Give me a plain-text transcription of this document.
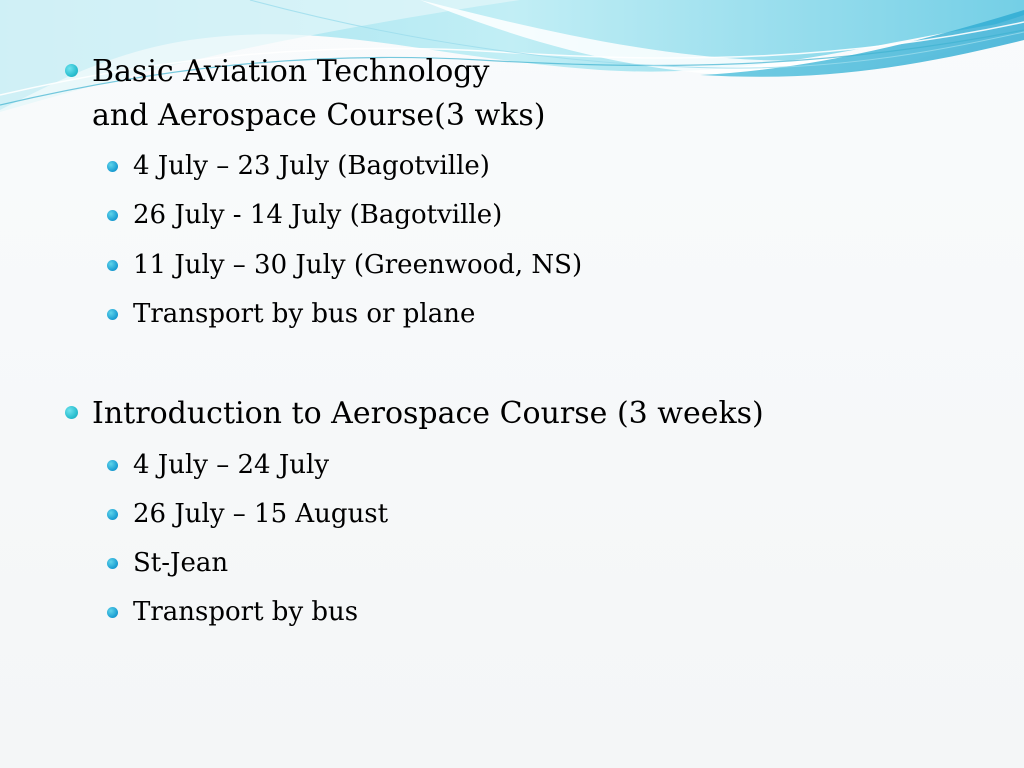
Basic Aviation Technology
and Aerospace Course(3 wks)
4 July – 23 July (Bagotville)
26 July - 14 July (Bagotville)
11 July – 30 July (Greenwood, NS)
Transport by bus or plane
Introduction to Aerospace Course (3 weeks)
4 July – 24 July
26 July – 15 August
St-Jean
Transport by bus
